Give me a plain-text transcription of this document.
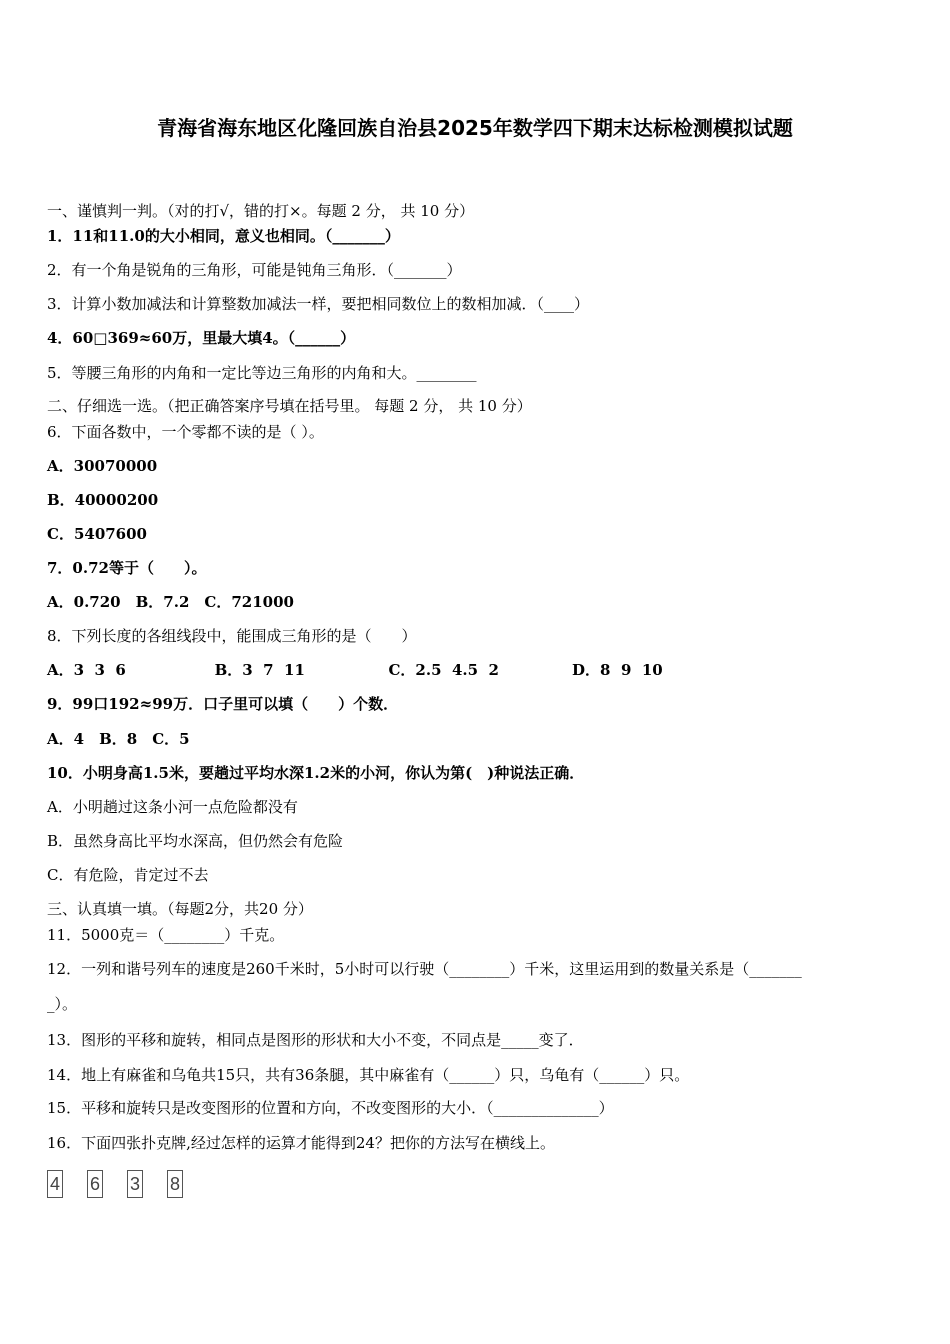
青海省海东地区化隆回族自治县2025年数学四下期末达标检测模拟试题
一、谨慎判一判。（对的打√，错的打×。每题 2 分， 共 10 分）
1．11和11.0的大小相同，意义也相同。（_______）
2．有一个角是锐角的三角形，可能是钝角三角形．（_______）
3．计算小数加减法和计算整数加减法一样，要把相同数位上的数相加减．（____）
4．60□369≈60万，里最大填4。（______）
5．等腰三角形的内角和一定比等边三角形的内角和大。________
二、仔细选一选。（把正确答案序号填在括号里。 每题 2 分， 共 10 分）
6．下面各数中，一个零都不读的是（ ）。
A．30070000
B．40000200
C．5407600
7．0.72等于（　　）。
A．0.720　B．7.2　C．721000
8．下列长度的各组线段中，能围成三角形的是（　　）
A．3  3  6                 B．3  7  11                C．2.5  4.5  2              D．8  9  10
9．99口192≈99万．口子里可以填（　　）个数．
A．4　B．8　C．5
10．小明身高1.5米，要趟过平均水深1.2米的小河，你认为第(　)种说法正确．
A．小明趟过这条小河一点危险都没有
B．虽然身高比平均水深高，但仍然会有危险
C．有危险，肯定过不去
三、认真填一填。（每题2分，共20 分）
11．5000克＝（________）千克。
12．一列和谐号列车的速度是260千米时，5小时可以行驶（________）千米，这里运用到的数量关系是（_______
_）。
13．图形的平移和旋转，相同点是图形的形状和大小不变，不同点是_____变了．
14．地上有麻雀和乌龟共15只，共有36条腿，其中麻雀有（______）只，乌龟有（______）只。
15．平移和旋转只是改变图形的位置和方向，不改变图形的大小．（______________）
16．下面四张扑克牌,经过怎样的运算才能得到24？把你的方法写在横线上。
4 6 3 8
